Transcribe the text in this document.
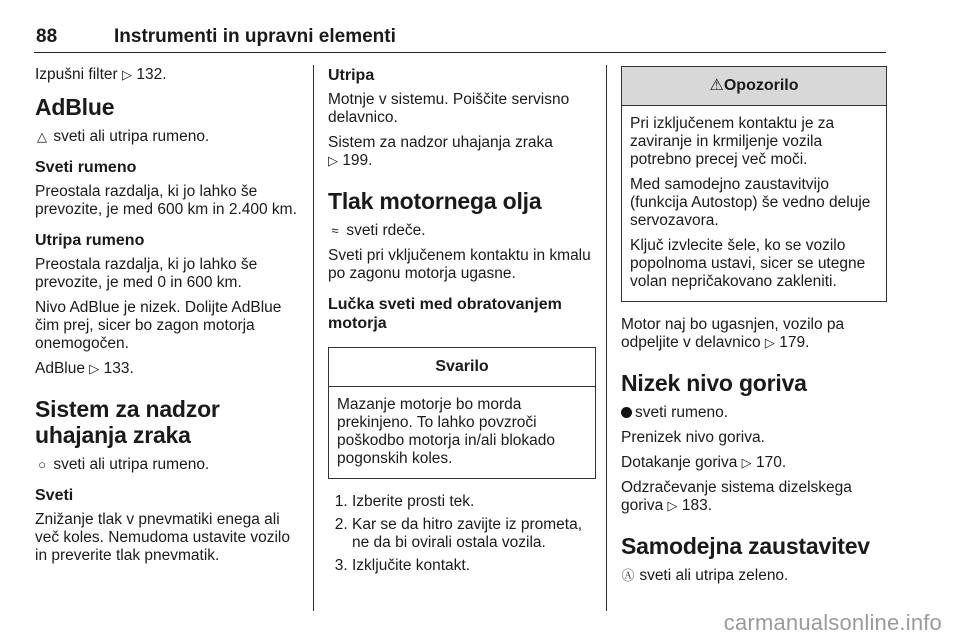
88	Instrumenti in upravni elementi

Izpušni filter ▷ 132.

AdBlue

△ sveti ali utripa rumeno.

Sveti rumeno

Preostala razdalja, ki jo lahko še prevozite, je med 600 km in 2.400 km.

Utripa rumeno

Preostala razdalja, ki jo lahko še prevozite, je med 0 in 600 km.

Nivo AdBlue je nizek. Dolijte AdBlue čim prej, sicer bo zagon motorja onemogočen.

AdBlue ▷ 133.

Sistem za nadzor uhajanja zraka

○ sveti ali utripa rumeno.

Sveti

Znižanje tlak v pnevmatiki enega ali več koles. Nemudoma ustavite vozilo in preverite tlak pnevmatik.

Utripa

Motnje v sistemu. Poiščite servisno delavnico.

Sistem za nadzor uhajanja zraka
▷ 199.

Tlak motornega olja

≈ sveti rdeče.

Sveti pri vključenem kontaktu in kmalu po zagonu motorja ugasne.

Lučka sveti med obratovanjem motorja
Svarilo

Mazanje motorje bo morda prekinjeno. To lahko povzroči poškodbo motorja in/ali blokado pogonskih koles.

1. Izberite prosti tek.
2. Kar se da hitro zavijte iz prometa, ne da bi ovirali ostala vozila.
3. Izključite kontakt.
⚠Opozorilo

Pri izključenem kontaktu je za zaviranje in krmiljenje vozila potrebno precej več moči.

Med samodejno zaustavitvijo (funkcija Autostop) še vedno deluje servozavora.

Ključ izvlecite šele, ko se vozilo popolnoma ustavi, sicer se utegne volan nepričakovano zakleniti.

Motor naj bo ugasnjen, vozilo pa odpeljite v delavnico ▷ 179.

Nizek nivo goriva

sveti rumeno.

Prenizek nivo goriva.

Dotakanje goriva ▷ 170.

Odzračevanje sistema dizelskega goriva ▷ 183.

Samodejna zaustavitev

Ⓐ sveti ali utripa zeleno.

carmanualsonline.info
